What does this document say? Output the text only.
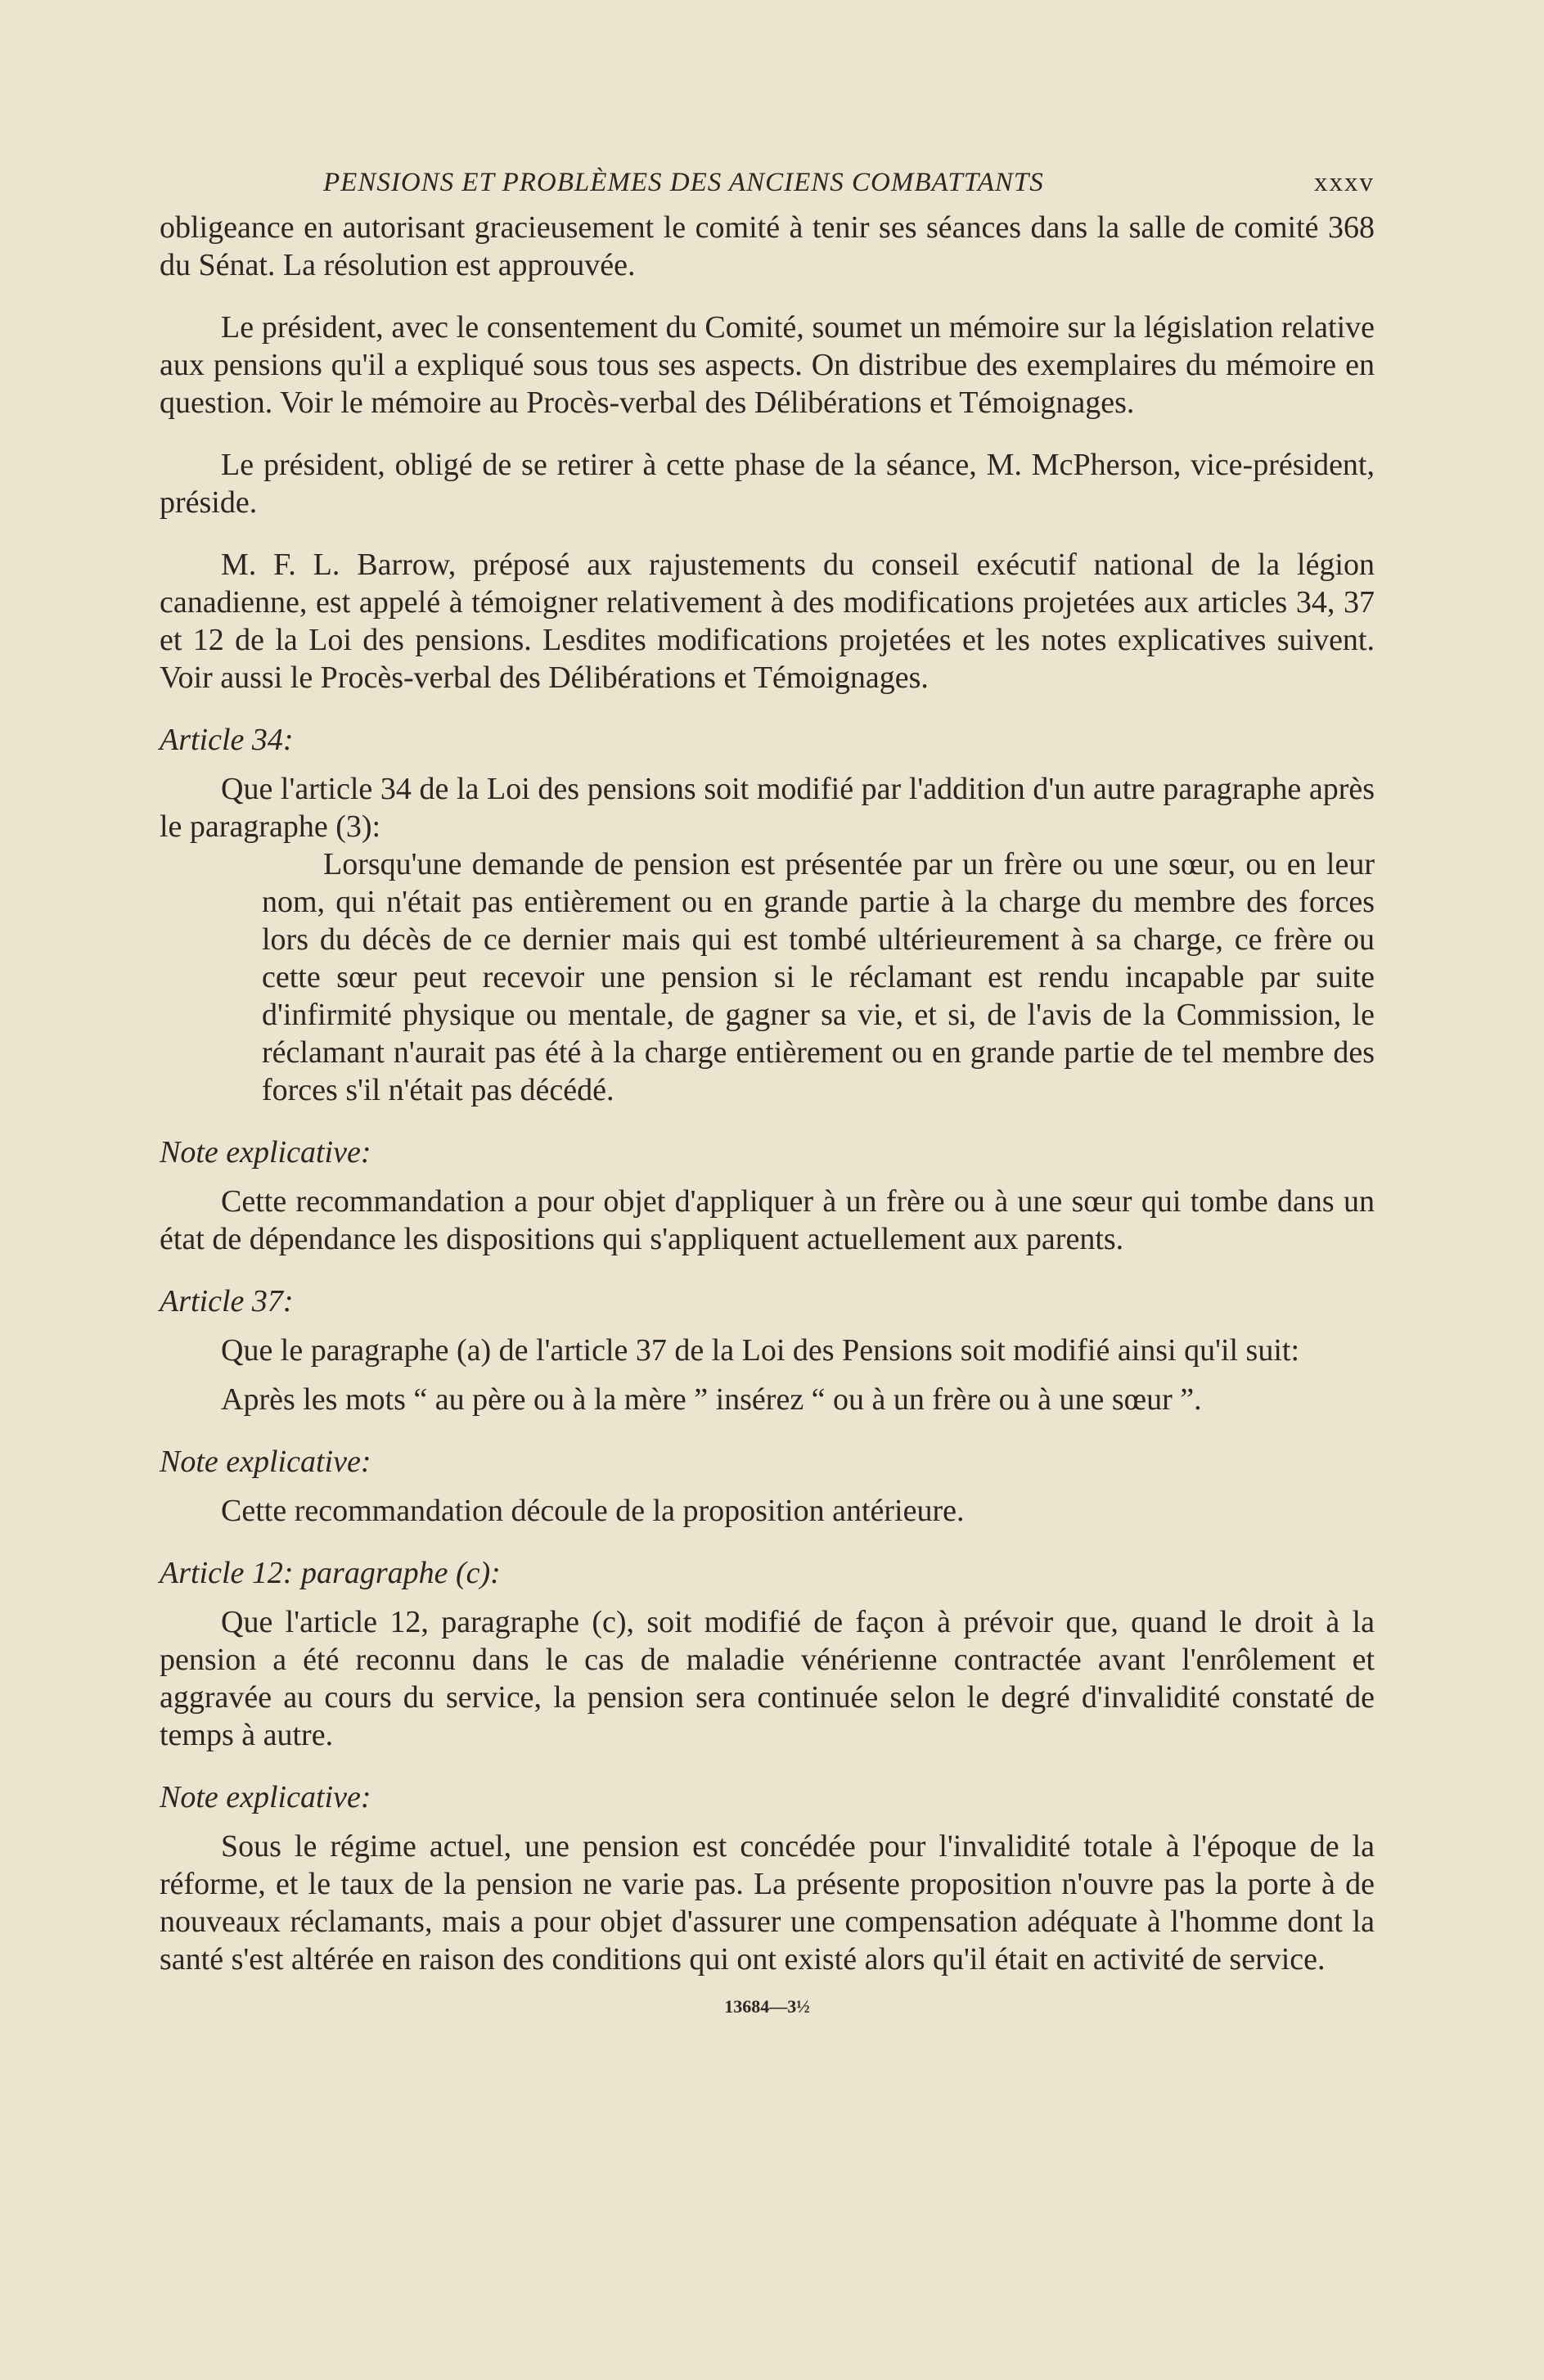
PENSIONS ET PROBLÈMES DES ANCIENS COMBATTANTS	xxxv

obligeance en autorisant gracieusement le comité à tenir ses séances dans la salle de comité 368 du Sénat. La résolution est approuvée.

Le président, avec le consentement du Comité, soumet un mémoire sur la législation relative aux pensions qu'il a expliqué sous tous ses aspects. On distribue des exemplaires du mémoire en question. Voir le mémoire au Procès-verbal des Délibérations et Témoignages.

Le président, obligé de se retirer à cette phase de la séance, M. McPherson, vice-président, préside.

M. F. L. Barrow, préposé aux rajustements du conseil exécutif national de la légion canadienne, est appelé à témoigner relativement à des modifications projetées aux articles 34, 37 et 12 de la Loi des pensions. Lesdites modifications projetées et les notes explicatives suivent. Voir aussi le Procès-verbal des Délibérations et Témoignages.

Article 34:

Que l'article 34 de la Loi des pensions soit modifié par l'addition d'un autre paragraphe après le paragraphe (3):

Lorsqu'une demande de pension est présentée par un frère ou une sœur, ou en leur nom, qui n'était pas entièrement ou en grande partie à la charge du membre des forces lors du décès de ce dernier mais qui est tombé ultérieurement à sa charge, ce frère ou cette sœur peut recevoir une pension si le réclamant est rendu incapable par suite d'infirmité physique ou mentale, de gagner sa vie, et si, de l'avis de la Commission, le réclamant n'aurait pas été à la charge entièrement ou en grande partie de tel membre des forces s'il n'était pas décédé.

Note explicative:

Cette recommandation a pour objet d'appliquer à un frère ou à une sœur qui tombe dans un état de dépendance les dispositions qui s'appliquent actuellement aux parents.

Article 37:

Que le paragraphe (a) de l'article 37 de la Loi des Pensions soit modifié ainsi qu'il suit:

Après les mots “ au père ou à la mère ” insérez “ ou à un frère ou à une sœur ”.

Note explicative:

Cette recommandation découle de la proposition antérieure.

Article 12: paragraphe (c):

Que l'article 12, paragraphe (c), soit modifié de façon à prévoir que, quand le droit à la pension a été reconnu dans le cas de maladie vénérienne contractée avant l'enrôlement et aggravée au cours du service, la pension sera continuée selon le degré d'invalidité constaté de temps à autre.

Note explicative:

Sous le régime actuel, une pension est concédée pour l'invalidité totale à l'époque de la réforme, et le taux de la pension ne varie pas. La présente proposition n'ouvre pas la porte à de nouveaux réclamants, mais a pour objet d'assurer une compensation adéquate à l'homme dont la santé s'est altérée en raison des conditions qui ont existé alors qu'il était en activité de service.

13684—3½
